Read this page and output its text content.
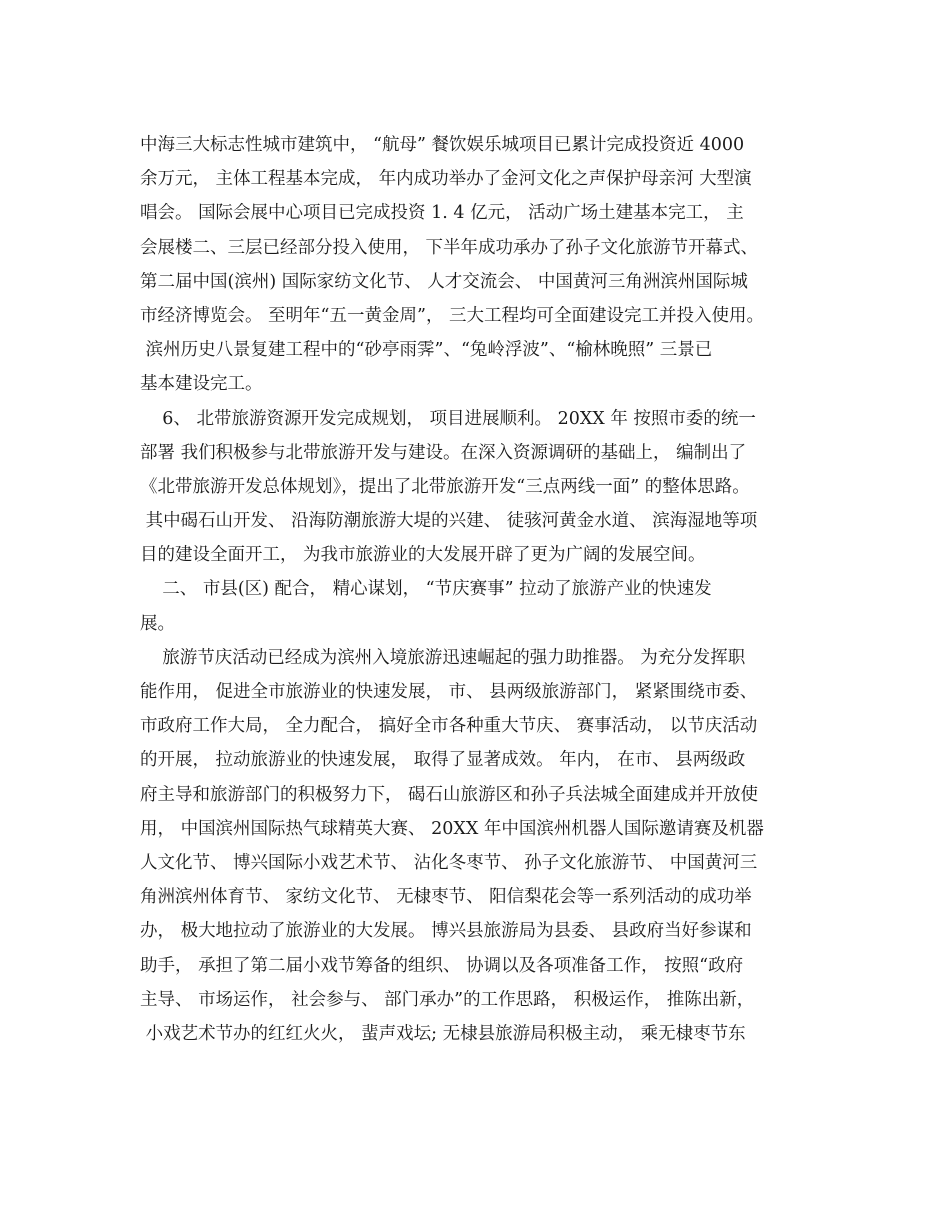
中海三大标志性城市建筑中， “航母” 餐饮娱乐城项目已累计完成投资近 4000
余万元， 主体工程基本完成， 年内成功举办了金河文化之声保护母亲河 大型演
唱会。 国际会展中心项目已完成投资 1. 4 亿元， 活动广场土建基本完工， 主
会展楼二、三层已经部分投入使用， 下半年成功承办了孙子文化旅游节开幕式、
第二届中国(滨州) 国际家纺文化节、 人才交流会、 中国黄河三角洲滨州国际城
市经济博览会。 至明年“五一黄金周”， 三大工程均可全面建设完工并投入使用。
滨州历史八景复建工程中的“砂亭雨霁”、“兔岭浮波”、“榆林晚照” 三景已
基本建设完工。
6、 北带旅游资源开发完成规划， 项目进展顺利。 20XX 年 按照市委的统一
部署 我们积极参与北带旅游开发与建设。在深入资源调研的基础上， 编制出了
《北带旅游开发总体规划》，提出了北带旅游开发“三点两线一面” 的整体思路。
其中碣石山开发、 沿海防潮旅游大堤的兴建、 徒骇河黄金水道、 滨海湿地等项
目的建设全面开工， 为我市旅游业的大发展开辟了更为广阔的发展空间。
二、 市县(区) 配合， 精心谋划， “节庆赛事” 拉动了旅游产业的快速发
展。
旅游节庆活动已经成为滨州入境旅游迅速崛起的强力助推器。 为充分发挥职
能作用， 促进全市旅游业的快速发展， 市、 县两级旅游部门， 紧紧围绕市委、
市政府工作大局， 全力配合， 搞好全市各种重大节庆、 赛事活动， 以节庆活动
的开展， 拉动旅游业的快速发展， 取得了显著成效。 年内， 在市、 县两级政
府主导和旅游部门的积极努力下， 碣石山旅游区和孙子兵法城全面建成并开放使
用， 中国滨州国际热气球精英大赛、 20XX 年中国滨州机器人国际邀请赛及机器
人文化节、 博兴国际小戏艺术节、 沾化冬枣节、 孙子文化旅游节、 中国黄河三
角洲滨州体育节、 家纺文化节、 无棣枣节、 阳信梨花会等一系列活动的成功举
办， 极大地拉动了旅游业的大发展。 博兴县旅游局为县委、 县政府当好参谋和
助手， 承担了第二届小戏节筹备的组织、 协调以及各项准备工作， 按照“政府
主导、 市场运作， 社会参与、 部门承办”的工作思路， 积极运作， 推陈出新，
小戏艺术节办的红红火火， 蜚声戏坛; 无棣县旅游局积极主动， 乘无棣枣节东
